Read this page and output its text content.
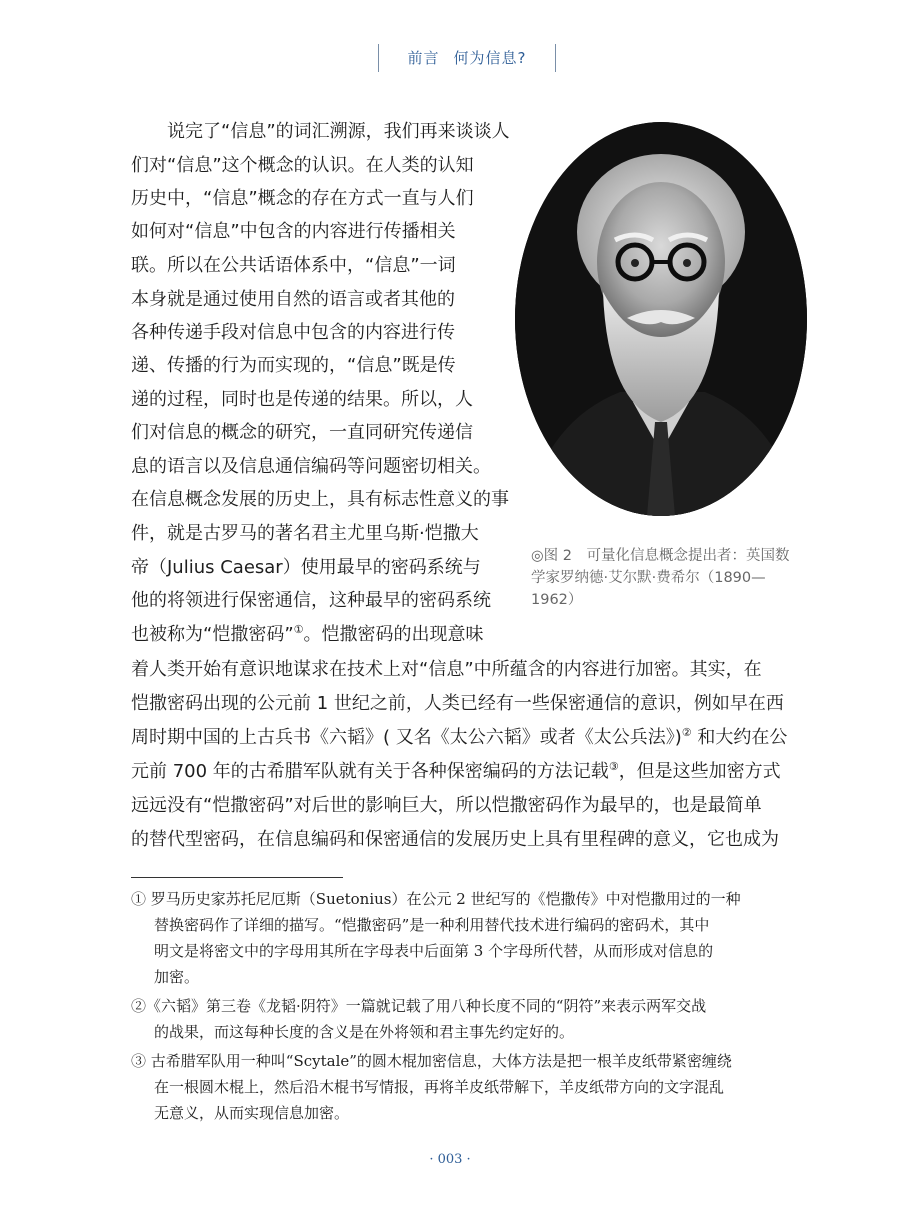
前言 何为信息?
◎图 2　可量化信息概念提出者：英国数
学家罗纳德·艾尔默·费希尔（1890—
1962）
说完了“信息”的词汇溯源，我们再来谈谈人
们对“信息”这个概念的认识。在人类的认知
历史中，“信息”概念的存在方式一直与人们
如何对“信息”中包含的内容进行传播相关
联。所以在公共话语体系中，“信息”一词
本身就是通过使用自然的语言或者其他的
各种传递手段对信息中包含的内容进行传
递、传播的行为而实现的，“信息”既是传
递的过程，同时也是传递的结果。所以，人
们对信息的概念的研究，一直同研究传递信
息的语言以及信息通信编码等问题密切相关。
在信息概念发展的历史上，具有标志性意义的事
件，就是古罗马的著名君主尤里乌斯·恺撒大
帝（Julius Caesar）使用最早的密码系统与
他的将领进行保密通信，这种最早的密码系统
也被称为“恺撒密码”①。恺撒密码的出现意味
着人类开始有意识地谋求在技术上对“信息”中所蕴含的内容进行加密。其实，在
恺撒密码出现的公元前 1 世纪之前，人类已经有一些保密通信的意识，例如早在西
周时期中国的上古兵书《六韬》( 又名《太公六韬》或者《太公兵法》)② 和大约在公
元前 700 年的古希腊军队就有关于各种保密编码的方法记载③，但是这些加密方式
远远没有“恺撒密码”对后世的影响巨大，所以恺撒密码作为最早的，也是最简单
的替代型密码，在信息编码和保密通信的发展历史上具有里程碑的意义，它也成为
① 罗马历史家苏托尼厄斯（Suetonius）在公元 2 世纪写的《恺撒传》中对恺撒用过的一种
替换密码作了详细的描写。“恺撒密码”是一种利用替代技术进行编码的密码术，其中
明文是将密文中的字母用其所在字母表中后面第 3 个字母所代替，从而形成对信息的
加密。
②《六韬》第三卷《龙韬·阴符》一篇就记载了用八种长度不同的“阴符”来表示两军交战
的战果，而这每种长度的含义是在外将领和君主事先约定好的。
③ 古希腊军队用一种叫“Scytale”的圆木棍加密信息，大体方法是把一根羊皮纸带紧密缠绕
在一根圆木棍上，然后沿木棍书写情报，再将羊皮纸带解下，羊皮纸带方向的文字混乱
无意义，从而实现信息加密。
· 003 ·
